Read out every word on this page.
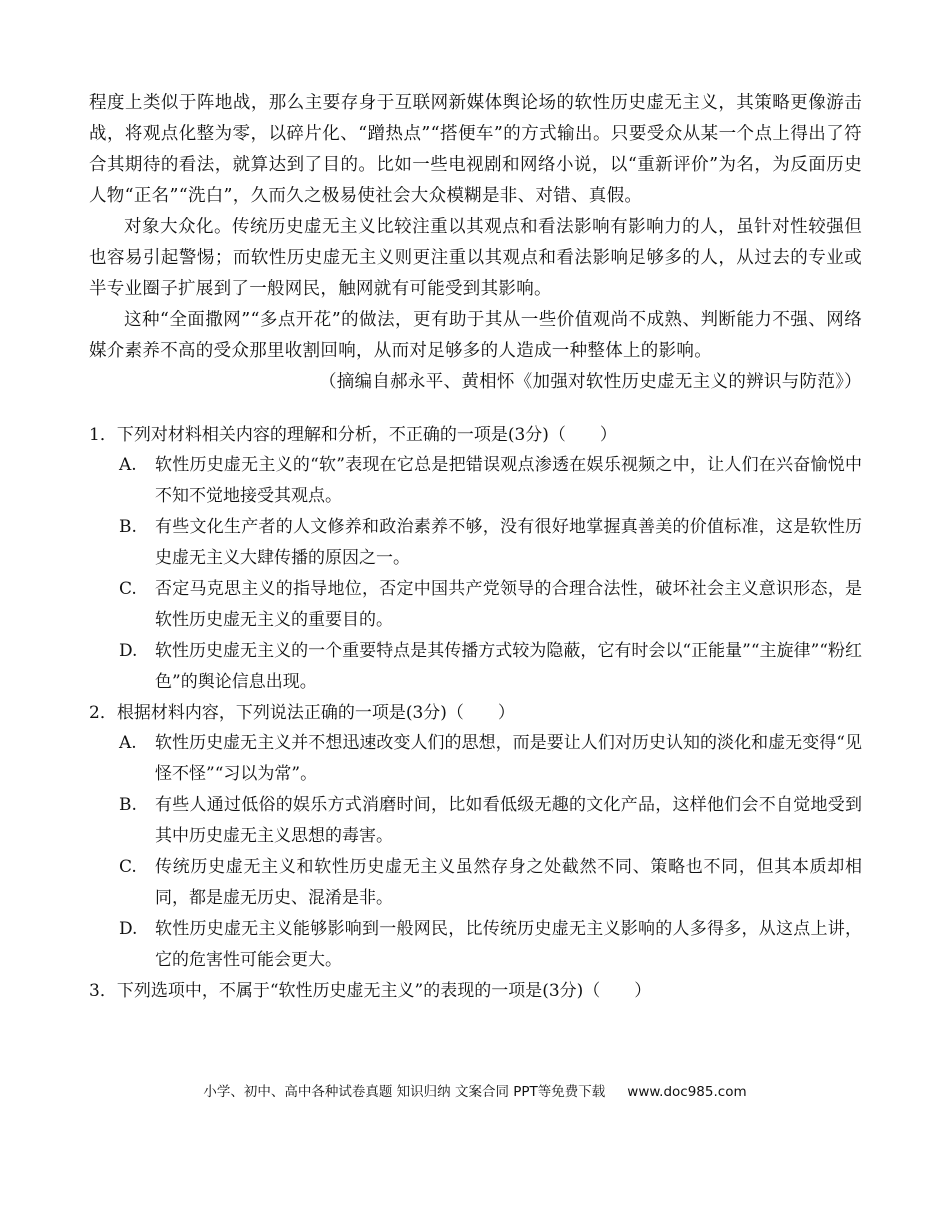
程度上类似于阵地战，那么主要存身于互联网新媒体舆论场的软性历史虚无主义，其策略更像游击战，将观点化整为零，以碎片化、“蹭热点”“搭便车”的方式输出。只要受众从某一个点上得出了符合其期待的看法，就算达到了目的。比如一些电视剧和网络小说，以“重新评价”为名，为反面历史人物“正名”“洗白”，久而久之极易使社会大众模糊是非、对错、真假。

对象大众化。传统历史虚无主义比较注重以其观点和看法影响有影响力的人，虽针对性较强但也容易引起警惕；而软性历史虚无主义则更注重以其观点和看法影响足够多的人，从过去的专业或半专业圈子扩展到了一般网民，触网就有可能受到其影响。

这种“全面撒网”“多点开花”的做法，更有助于其从一些价值观尚不成熟、判断能力不强、网络媒介素养不高的受众那里收割回响，从而对足够多的人造成一种整体上的影响。

（摘编自郝永平、黄相怀《加强对软性历史虚无主义的辨识与防范》）

1．下列对材料相关内容的理解和分析，不正确的一项是(3分)（　　）

A.	软性历史虚无主义的“软”表现在它总是把错误观点渗透在娱乐视频之中，让人们在兴奋愉悦中不知不觉地接受其观点。
B.	有些文化生产者的人文修养和政治素养不够，没有很好地掌握真善美的价值标准，这是软性历史虚无主义大肆传播的原因之一。
C.	否定马克思主义的指导地位，否定中国共产党领导的合理合法性，破坏社会主义意识形态，是软性历史虚无主义的重要目的。
D.	软性历史虚无主义的一个重要特点是其传播方式较为隐蔽，它有时会以“正能量”“主旋律”“粉红色”的舆论信息出现。

2．根据材料内容，下列说法正确的一项是(3分)（　　）

A.	软性历史虚无主义并不想迅速改变人们的思想，而是要让人们对历史认知的淡化和虚无变得“见怪不怪”“习以为常”。
B.	有些人通过低俗的娱乐方式消磨时间，比如看低级无趣的文化产品，这样他们会不自觉地受到其中历史虚无主义思想的毒害。
C.	传统历史虚无主义和软性历史虚无主义虽然存身之处截然不同、策略也不同，但其本质却相同，都是虚无历史、混淆是非。
D.	软性历史虚无主义能够影响到一般网民，比传统历史虚无主义影响的人多得多，从这点上讲，它的危害性可能会更大。

3．下列选项中，不属于“软性历史虚无主义”的表现的一项是(3分)（　　）

小学、初中、高中各种试卷真题 知识归纳 文案合同 PPT等免费下载 www.doc985.com
